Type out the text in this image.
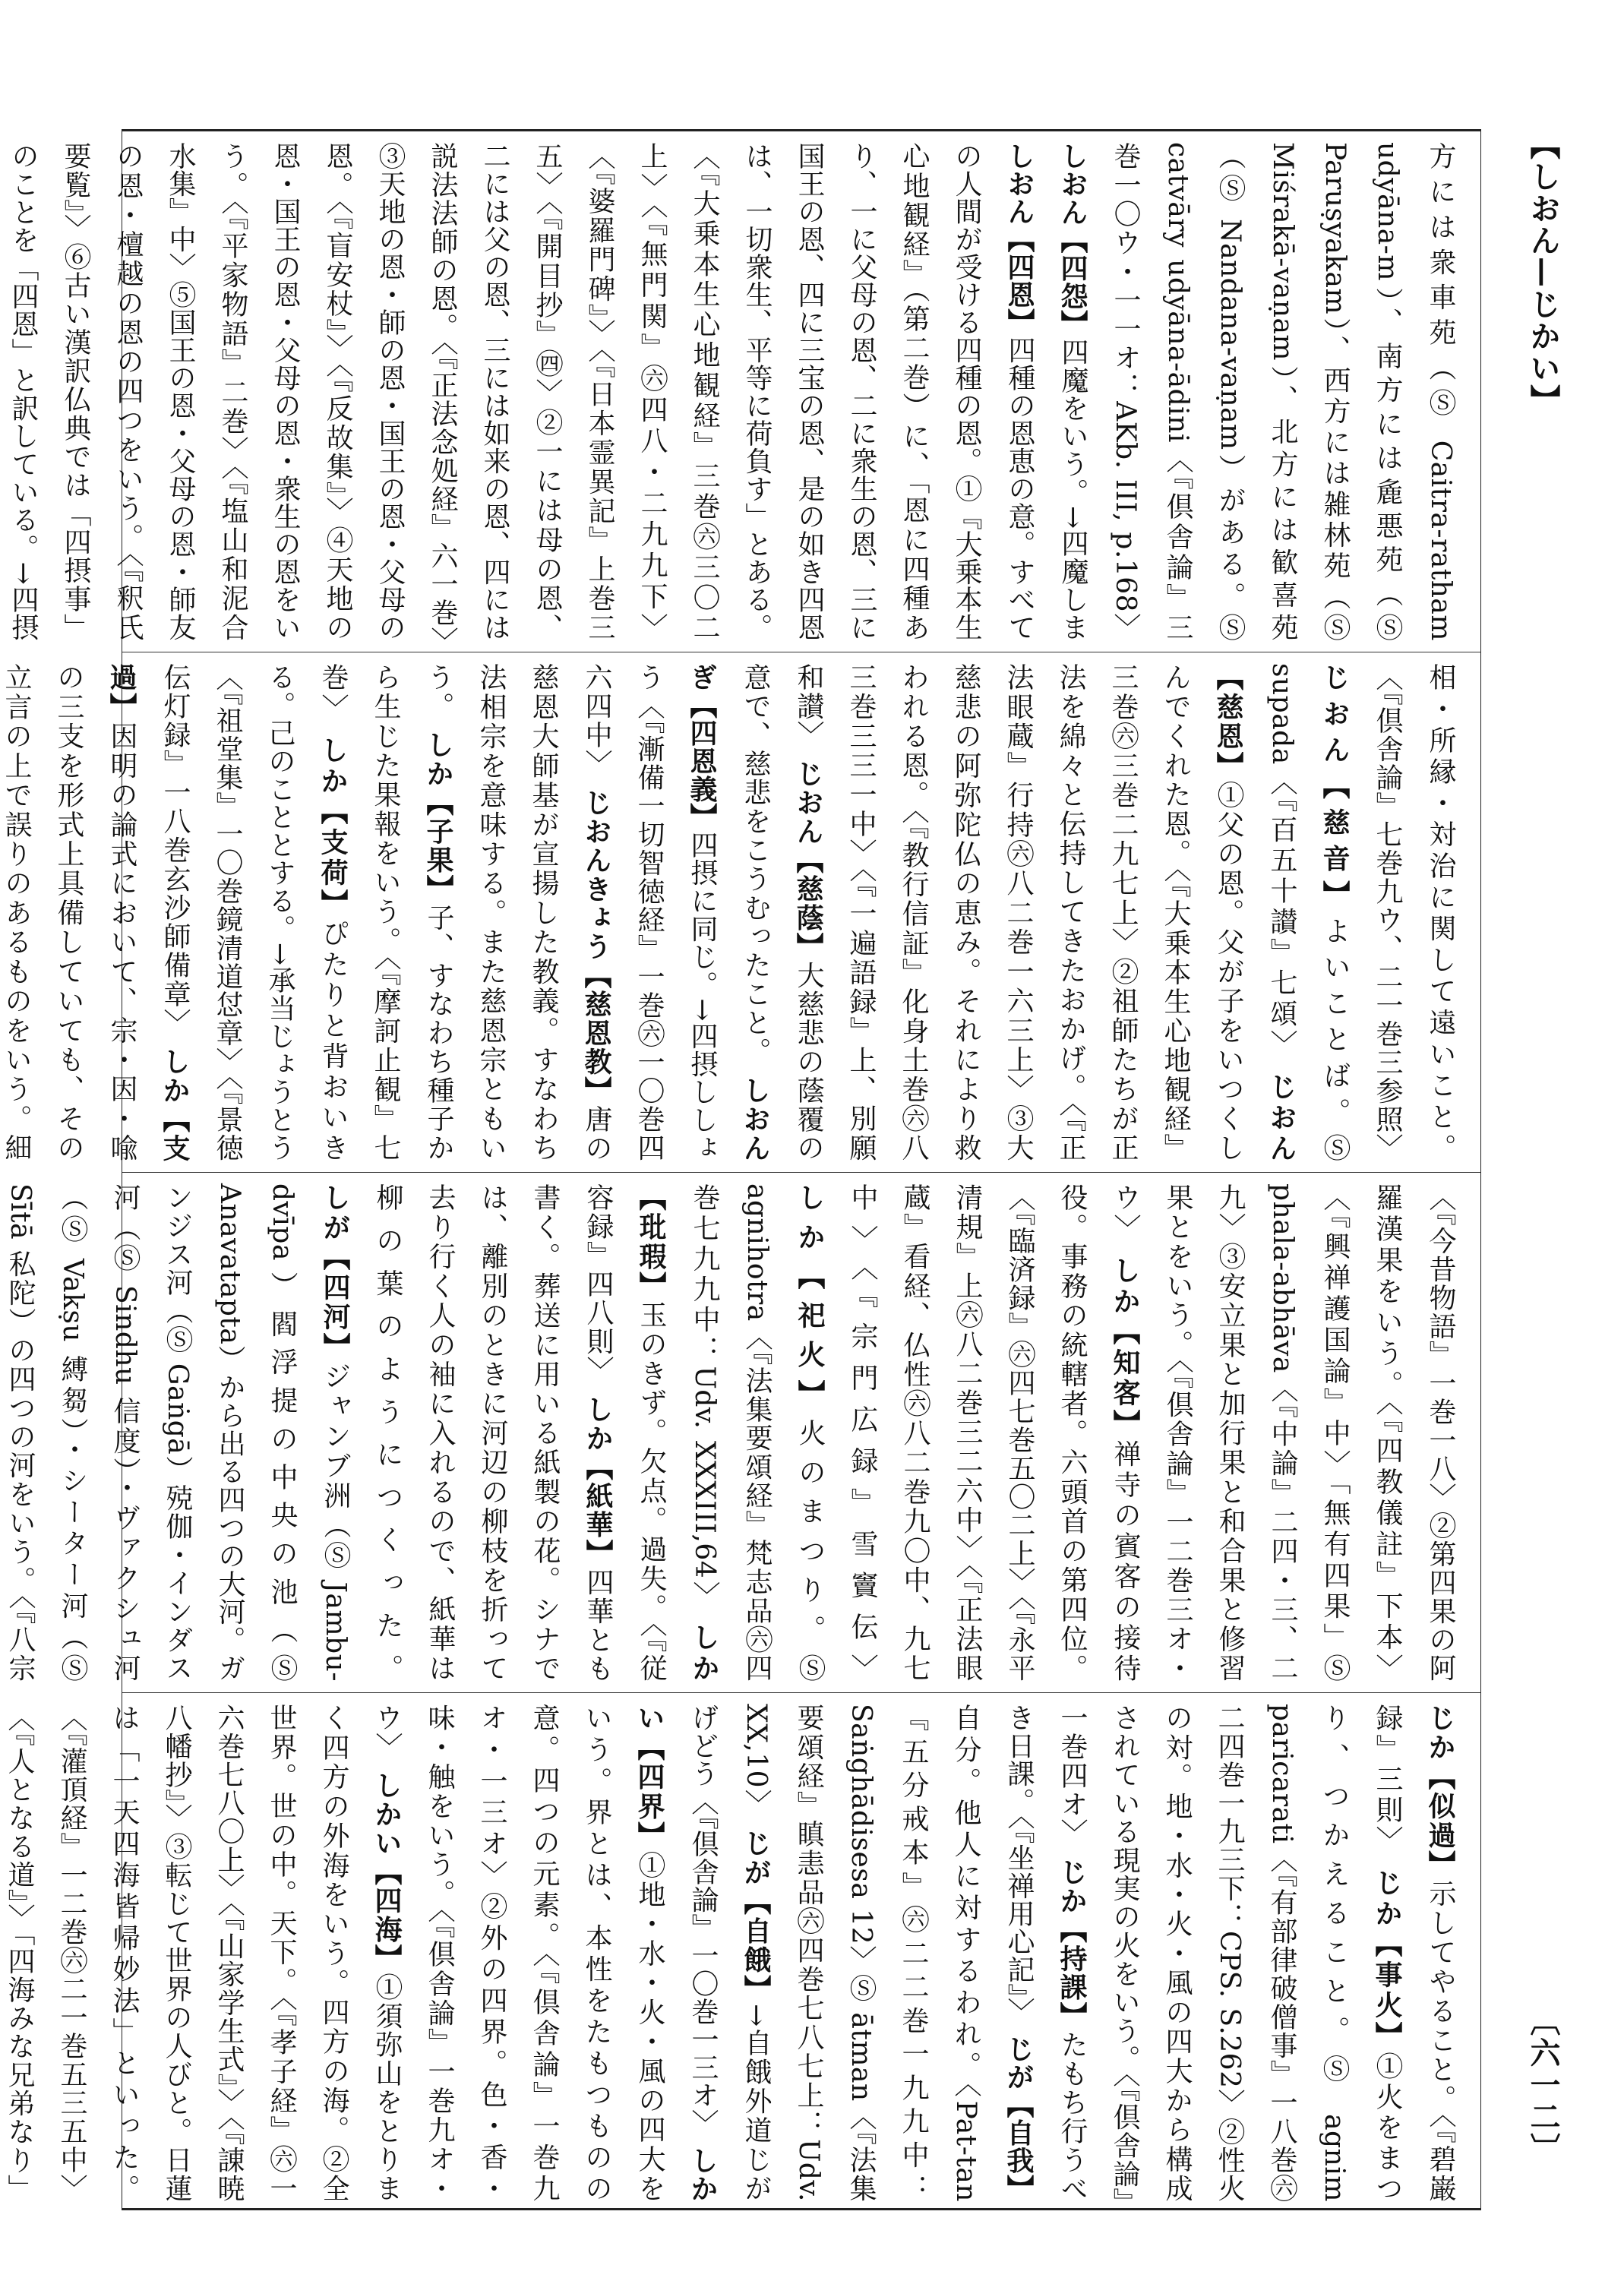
【しおん—じかい】
〔六一二〕
方には衆車苑（Ⓢ Caitra-ratham udyāna-m）、南方には麁悪苑（Ⓢ Paruṣyakam）、西方には雑林苑（Ⓢ Miśrakā-vaṇam）、北方には歓喜苑（Ⓢ Nandana-vaṇam）がある。Ⓢ catvāry udyāna-ādini〈『倶舎論』三巻一〇ウ・一一オ：AKb. III, p.168〉 しおん【四怨】四魔をいう。→四魔しま しおん【四恩】四種の恩恵の意。すべての人間が受ける四種の恩。①『大乗本生心地観経』（第二巻）に、「恩に四種あり、一に父母の恩、二に衆生の恩、三に国王の恩、四に三宝の恩、是の如き四恩は、一切衆生、平等に荷負す」とある。〈『大乗本生心地観経』三巻㊅三〇二上〉〈『無門関』㊅四八・二九九下〉〈『婆羅門碑』〉〈『日本霊異記』上巻三五〉〈『開目抄』㊃〉②一には母の恩、二には父の恩、三には如来の恩、四には説法法師の恩。〈『正法念処経』六一巻〉③天地の恩・師の恩・国王の恩・父母の恩。〈『盲安杖』〉〈『反故集』〉④天地の恩・国王の恩・父母の恩・衆生の恩をいう。〈『平家物語』二巻〉〈『塩山和泥合水集』中〉⑤国王の恩・父母の恩・師友の恩・檀越の恩の四つをいう。〈『釈氏要覧』〉⑥古い漢訳仏典では「四摂事」のことを「四恩」と訳している。→四摂
相・所縁・対治に関して遠いこと。〈『倶舎論』七巻九ウ、二一巻三参照〉 じおん【慈音】よいことば。Ⓢ supada〈『百五十讃』七頌〉 じおん【慈恩】①父の恩。父が子をいつくしんでくれた恩。〈『大乗本生心地観経』三巻㊅三巻二九七上〉②祖師たちが正法を綿々と伝持してきたおかげ。〈『正法眼蔵』行持㊅八二巻一六三上〉③大慈悲の阿弥陀仏の恵み。それにより救われる恩。〈『教行信証』化身土巻㊅八三巻三三一中〉〈『一遍語録』上、別願和讃〉 じおん【慈蔭】大慈悲の蔭覆の意で、慈悲をこうむったこと。 しおんぎ【四恩義】四摂に同じ。→四摂ししょう〈『漸備一切智徳経』一巻㊅一〇巻四六四中〉 じおんきょう【慈恩教】唐の慈恩大師基が宣揚した教義。すなわち法相宗を意味する。また慈恩宗ともいう。 しか【子果】子、すなわち種子から生じた果報をいう。〈『摩訶止観』七巻〉 しか【支荷】ぴたりと背おいきる。己のこととする。→承当じょうとう〈『祖堂集』一〇巻鏡清道怤章〉〈『景徳伝灯録』一八巻玄沙師備章〉 しか【支過】因明の論式において、宗・因・喩の三支を形式上具備していても、その立言の上で誤りのあるものをいう。細
〈『今昔物語』一巻一八〉②第四果の阿羅漢果をいう。〈『四教儀註』下本〉〈『興禅護国論』中〉「無有四果」Ⓢ phala-abhāva〈『中論』二四・三、二九〉③安立果と加行果と和合果と修習果とをいう。〈『倶舎論』一二巻三オ・ウ〉 しか【知客】禅寺の賓客の接待役。事務の統轄者。六頭首の第四位。〈『臨済録』㊅四七巻五〇二上〉〈『永平清規』上㊅八二巻三二六中〉〈『正法眼蔵』看経、仏性㊅八二巻九〇中、九七中〉〈『宗門広録』雪竇伝〉 しか【祀火】火のまつり。Ⓢ agnihotra〈『法集要頌経』梵志品㊅四巻七九九中：Udv. XXXIII,64〉 しか【玭瑕】玉のきず。欠点。過失。〈『従容録』四八則〉 しか【紙華】四華とも書く。葬送に用いる紙製の花。シナでは、離別のときに河辺の柳枝を折って去り行く人の袖に入れるので、紙華は柳の葉のようにつくった。 しが【四河】ジャンブ洲（Ⓢ Jambu-dvīpa）閻浮提の中央の池（Ⓢ Anavatapta）から出る四つの大河。ガンジス河（Ⓢ Gaṅgā）殑伽・インダス河（Ⓢ Sindhu 信度）・ヴァクシュ河（Ⓢ Vakṣu 縛芻）・シーター河（Ⓢ Sītā 私陀）の四つの河をいう。〈『八宗
じか【似過】示してやること。〈『碧巌録』三則〉 じか【事火】①火をまつり、つかえること。Ⓢ agnim paricarati〈『有部律破僧事』一八巻㊅二四巻一九三下：CPS. S.262〉②性火の対。地・水・火・風の四大から構成されている現実の火をいう。〈『倶舎論』一巻四オ〉 じか【持課】たもち行うべき日課。〈『坐禅用心記』〉 じが【自我】自分。他人に対するわれ。〈Pat-tan『五分戒本』㊅二二巻一九九中：Saṅghādisesa 12〉Ⓢ ātman〈『法集要頌経』瞋恚品㊅四巻七八七上：Udv. XX,10〉 じが【自餓】→自餓外道じがげどう〈『倶舎論』一〇巻一三オ〉 しかい【四界】①地・水・火・風の四大をいう。界とは、本性をたもつものの意。四つの元素。〈『倶舎論』一巻九オ・一三オ〉②外の四界。色・香・味・触をいう。〈『倶舎論』一巻九オ・ウ〉 しかい【四海】①須弥山をとりまく四方の外海をいう。四方の海。②全世界。世の中。天下。〈『孝子経』㊅一六巻七八〇上〉〈『山家学生式』〉〈『諌暁八幡抄』〉③転じて世界の人びと。日蓮は「一天四海皆帰妙法」といった。〈『灌頂経』一二巻㊅二一巻五三五中〉〈『人となる道』〉「四海みな兄弟なり」
